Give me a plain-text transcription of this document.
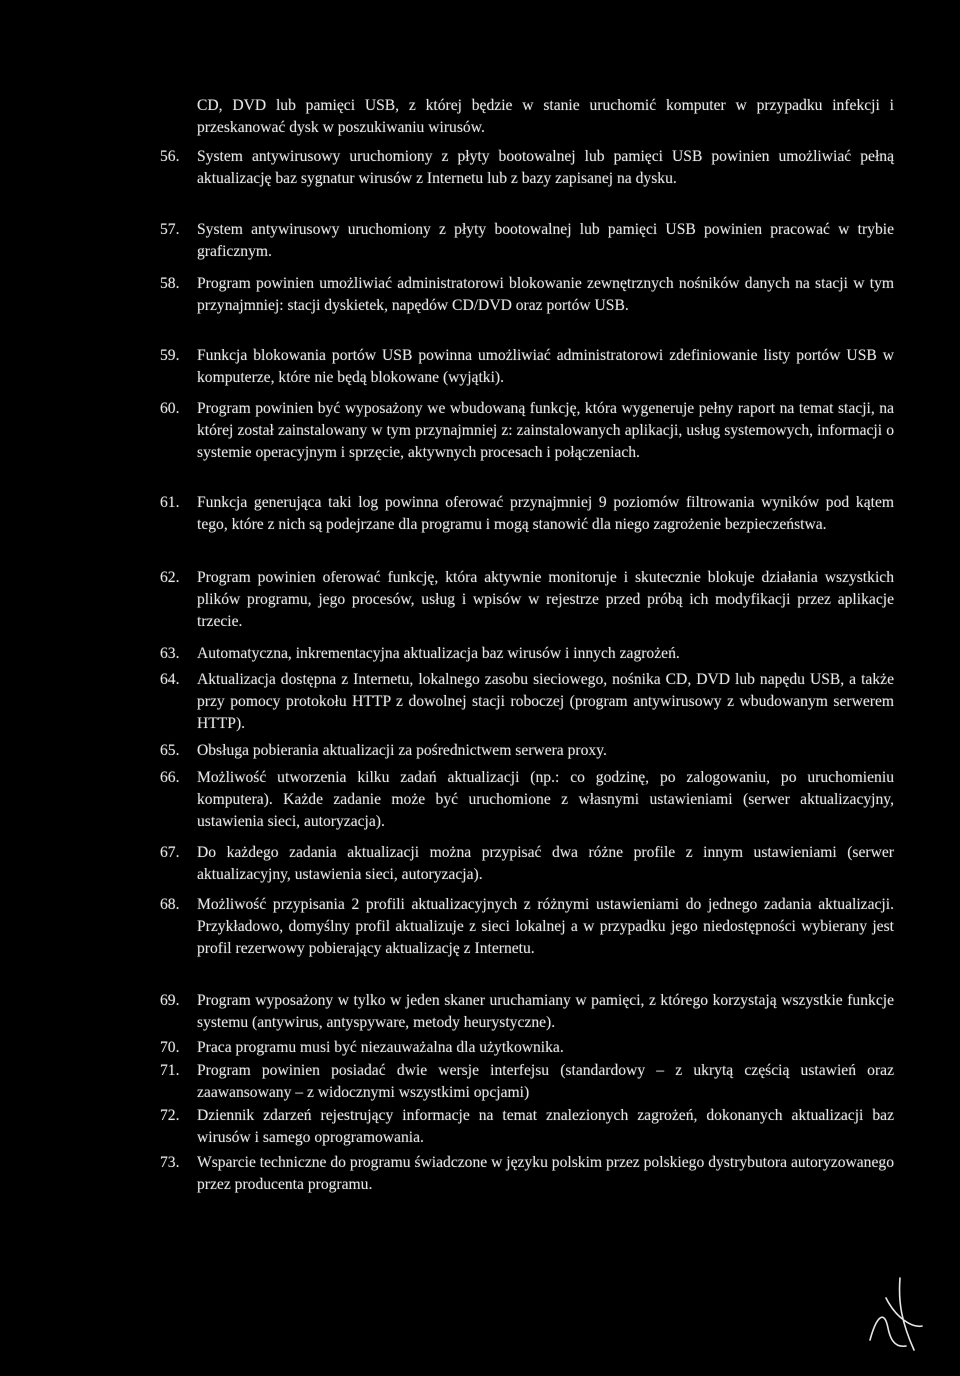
CD, DVD lub pamięci USB, z której będzie w stanie uruchomić komputer w przypadku infekcji i przeskanować dysk w poszukiwaniu wirusów.

56.	System antywirusowy uruchomiony z płyty bootowalnej lub pamięci USB powinien umożliwiać pełną aktualizację baz sygnatur wirusów z Internetu lub z bazy zapisanej na dysku.
57.	System antywirusowy uruchomiony z płyty bootowalnej lub pamięci USB powinien pracować w trybie graficznym.
58.	Program powinien umożliwiać administratorowi blokowanie zewnętrznych nośników danych na stacji w tym przynajmniej: stacji dyskietek, napędów CD/DVD oraz portów USB.
59.	Funkcja blokowania portów USB powinna umożliwiać administratorowi zdefiniowanie listy portów USB w komputerze, które nie będą blokowane (wyjątki).
60.	Program powinien być wyposażony we wbudowaną funkcję, która wygeneruje pełny raport na temat stacji, na której został zainstalowany w tym przynajmniej z: zainstalowanych aplikacji, usług systemowych, informacji o systemie operacyjnym i sprzęcie, aktywnych procesach i połączeniach.
61.	Funkcja generująca taki log powinna oferować przynajmniej 9 poziomów filtrowania wyników pod kątem tego, które z nich są podejrzane dla programu i mogą stanowić dla niego zagrożenie bezpieczeństwa.
62.	Program powinien oferować funkcję, która aktywnie monitoruje i skutecznie blokuje działania wszystkich plików programu, jego procesów, usług i wpisów w rejestrze przed próbą ich modyfikacji przez aplikacje trzecie.
63.	Automatyczna, inkrementacyjna aktualizacja baz wirusów i innych zagrożeń.
64.	Aktualizacja dostępna z Internetu, lokalnego zasobu sieciowego, nośnika CD, DVD lub napędu USB, a także przy pomocy protokołu HTTP z dowolnej stacji roboczej (program antywirusowy z wbudowanym serwerem HTTP).
65.	Obsługa pobierania aktualizacji za pośrednictwem serwera proxy.
66.	Możliwość utworzenia kilku zadań aktualizacji (np.: co godzinę, po zalogowaniu, po uruchomieniu komputera). Każde zadanie może być uruchomione z własnymi ustawieniami (serwer aktualizacyjny, ustawienia sieci, autoryzacja).
67.	Do każdego zadania aktualizacji można przypisać dwa różne profile z innym ustawieniami (serwer aktualizacyjny, ustawienia sieci, autoryzacja).
68.	Możliwość przypisania 2 profili aktualizacyjnych z różnymi ustawieniami do jednego zadania aktualizacji. Przykładowo, domyślny profil aktualizuje z sieci lokalnej a w przypadku jego niedostępności wybierany jest profil rezerwowy pobierający aktualizację z Internetu.
69.	Program wyposażony w tylko w jeden skaner uruchamiany w pamięci, z którego korzystają wszystkie funkcje systemu (antywirus, antyspyware, metody heurystyczne).
70.	Praca programu musi być niezauważalna dla użytkownika.
71.	Program powinien posiadać dwie wersje interfejsu (standardowy – z ukrytą częścią ustawień oraz zaawansowany – z widocznymi wszystkimi opcjami)
72.	Dziennik zdarzeń rejestrujący informacje na temat znalezionych zagrożeń, dokonanych aktualizacji baz wirusów i samego oprogramowania.
73.	Wsparcie techniczne do programu świadczone w języku polskim przez polskiego dystrybutora autoryzowanego przez producenta programu.
